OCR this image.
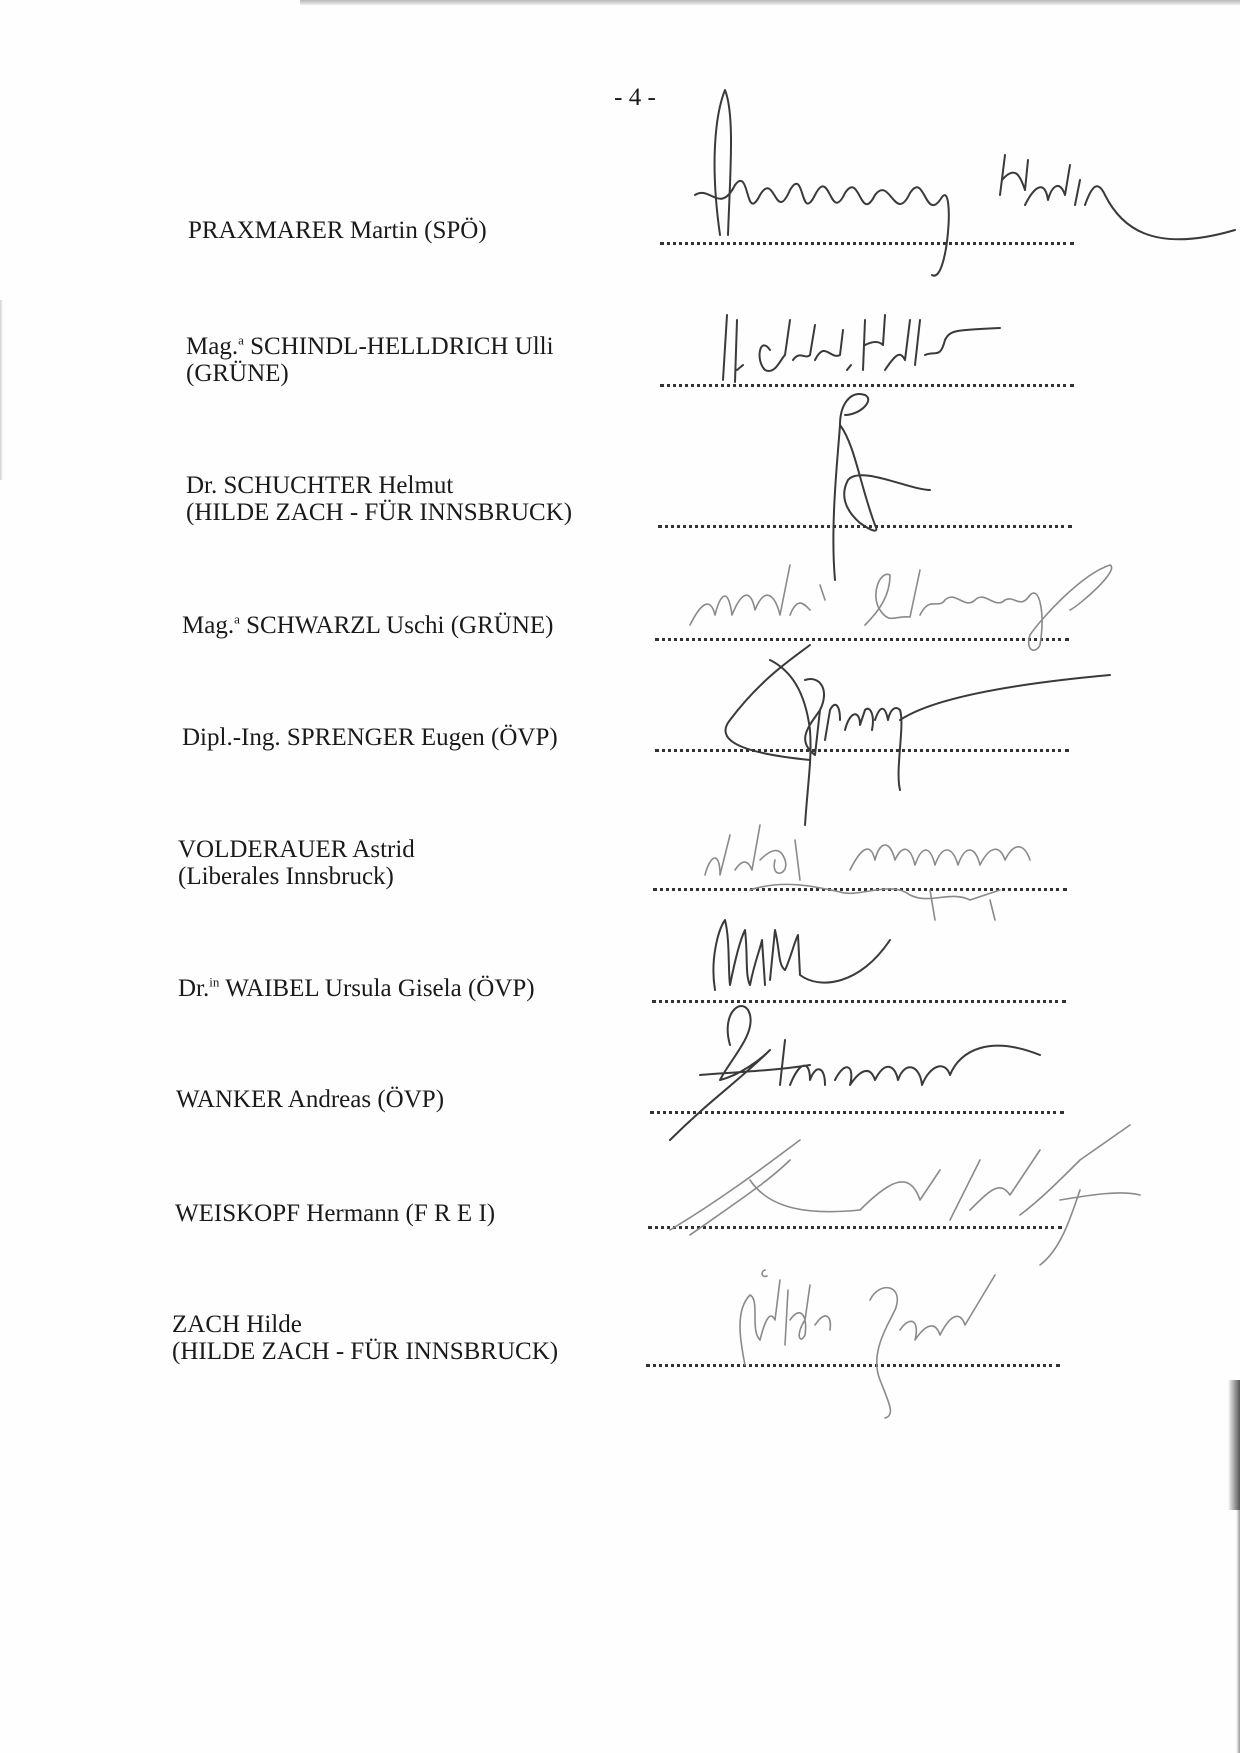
- 4 -
PRAXMARER Martin (SPÖ)
Mag.$^a$ SCHINDL-HELLDRICH Ulli
(GRÜNE)
Dr. SCHUCHTER Helmut
(HILDE ZACH - FÜR INNSBRUCK)
Mag.$^a$ SCHWARZL Uschi (GRÜNE)
Dipl.-Ing. SPRENGER Eugen (ÖVP)
VOLDERAUER Astrid
(Liberales Innsbruck)
Dr.$^{in}$ WAIBEL Ursula Gisela (ÖVP)
WANKER Andreas (ÖVP)
WEISKOPF Hermann (F R E I)
ZACH Hilde
(HILDE ZACH - FÜR INNSBRUCK)
